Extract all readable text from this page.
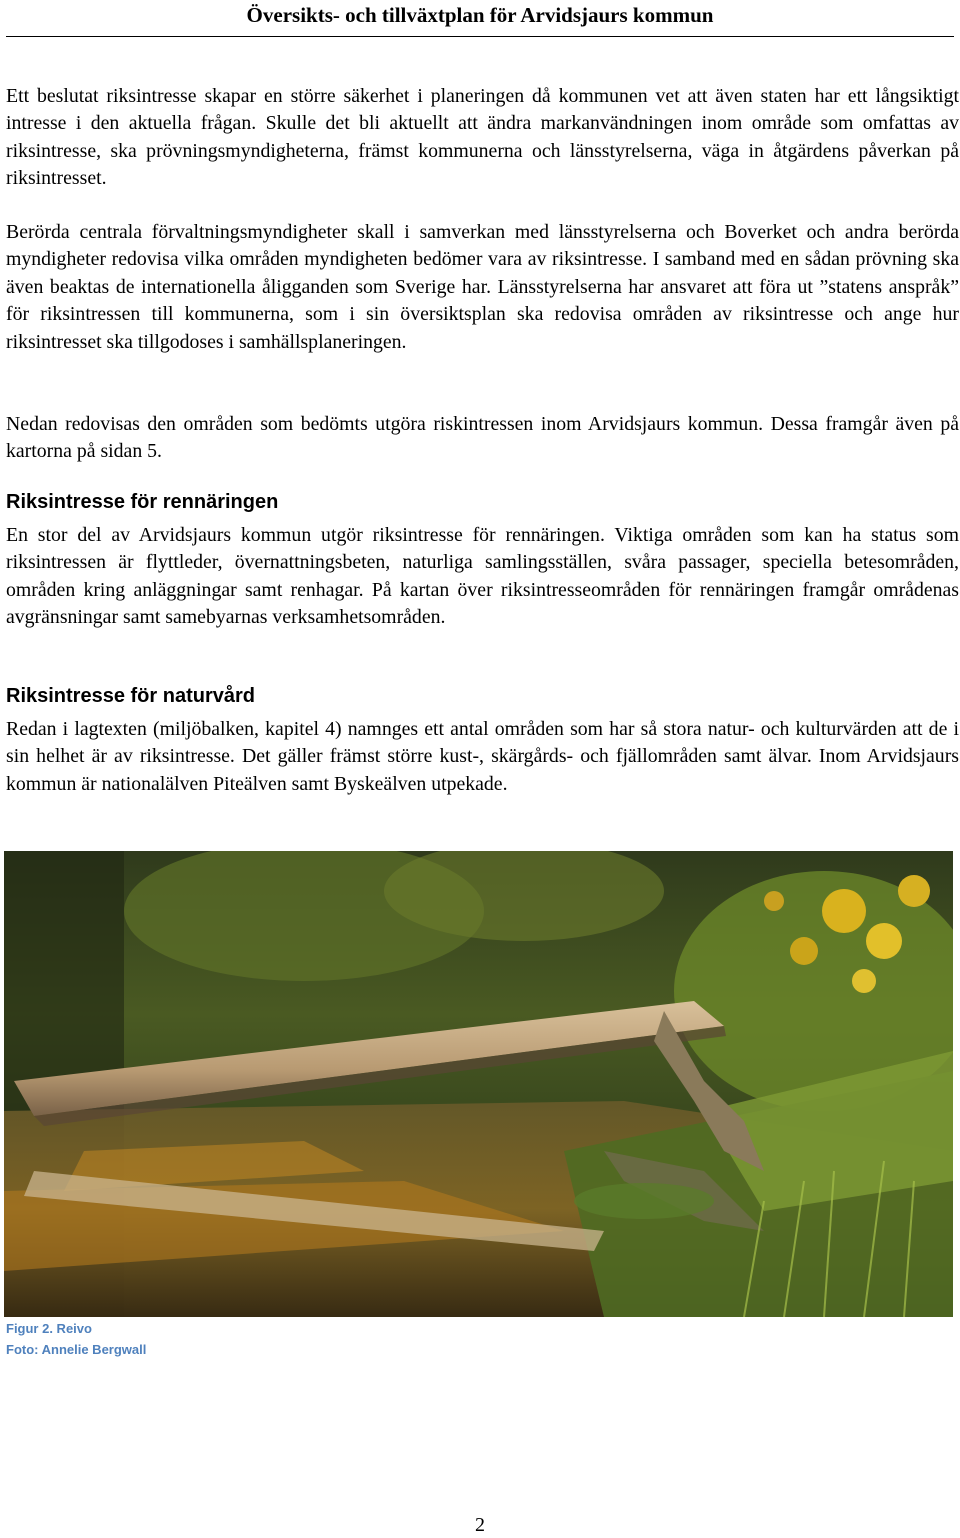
Översikts- och tillväxtplan för Arvidsjaurs kommun

Ett beslutat riksintresse skapar en större säkerhet i planeringen då kommunen vet att även staten har ett långsiktigt intresse i den aktuella frågan. Skulle det bli aktuellt att ändra markanvändningen inom område som omfattas av riksintresse, ska prövningsmyndigheterna, främst kommunerna och länsstyrelserna, väga in åtgärdens påverkan på riksintresset.

Berörda centrala förvaltningsmyndigheter skall i samverkan med länsstyrelserna och Boverket och andra berörda myndigheter redovisa vilka områden myndigheten bedömer vara av riksintresse. I samband med en sådan prövning ska även beaktas de internationella åligganden som Sverige har. Länsstyrelserna har ansvaret att föra ut ”statens anspråk” för riksintressen till kommunerna, som i sin översiktsplan ska redovisa områden av riksintresse och ange hur riksintresset ska tillgodoses i samhällsplaneringen.

Nedan redovisas den områden som bedömts utgöra riskintressen inom Arvidsjaurs kommun. Dessa framgår även på kartorna på sidan 5.

Riksintresse för rennäringen

En stor del av Arvidsjaurs kommun utgör riksintresse för rennäringen. Viktiga områden som kan ha status som riksintressen är flyttleder, övernattningsbeten, naturliga samlingsställen, svåra passager, speciella betesområden, områden kring anläggningar samt renhagar. På kartan över riksintresseområden för rennäringen framgår områdenas avgränsningar samt samebyarnas verksamhetsområden.

Riksintresse för naturvård

Redan i lagtexten (miljöbalken, kapitel 4) namnges ett antal områden som har så stora natur- och kulturvärden att de i sin helhet är av riksintresse. Det gäller främst större kust-, skärgårds- och fjällområden samt älvar. Inom Arvidsjaurs kommun är nationalälven Piteälven samt Byskeälven utpekade.

Figur 2. Reivo
Foto: Annelie Bergwall
2
